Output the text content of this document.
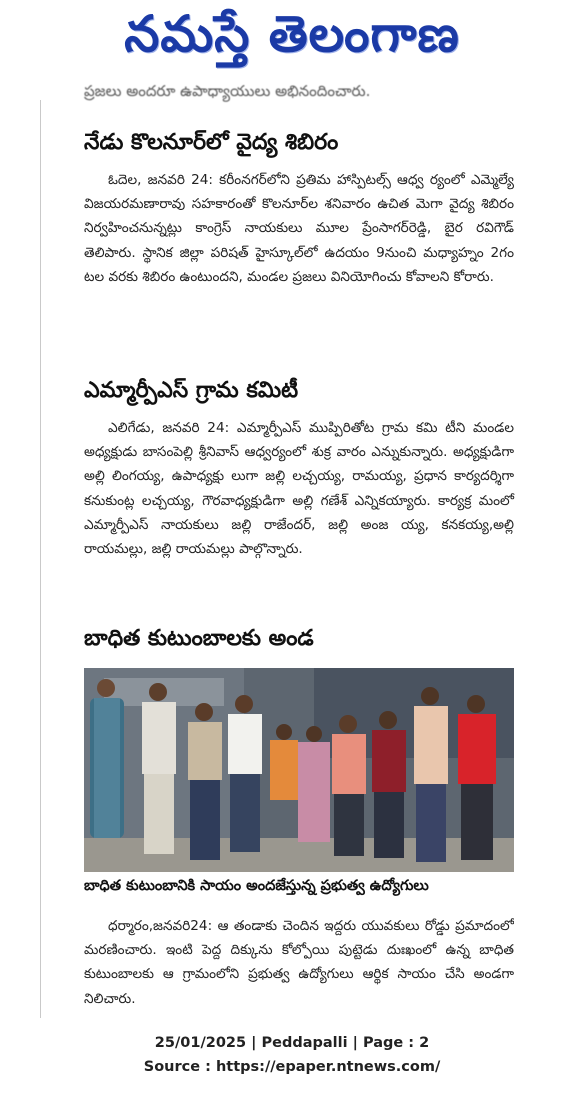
నమస్తే తెలంగాణ
ప్రజలు అందరూ ఉపాధ్యాయులు అభినందించారు.
నేడు కొలనూర్‌లో వైద్య శిబిరం

ఓదెల, జనవరి 24: కరీంనగర్‌లోని ప్రతిమ హాస్పిటల్స్ ఆధ్వ ర్యంలో ఎమ్మెల్యే విజయరమణారావు సహకారంతో కొలనూర్‌ల శనివారం ఉచిత మెగా వైద్య శిబిరం నిర్వహించనున్నట్లు కాంగ్రెస్ నాయకులు మూల ప్రేంసాగర్‌రెడ్డి, బైర రవిగౌడ్ తెలిపారు. స్థానిక జిల్లా పరిషత్ హైస్కూల్‌లో ఉదయం 9నుంచి మధ్యాహ్నం 2గం టల వరకు శిబిరం ఉంటుందని, మండల ప్రజలు వినియోగించు కోవాలని కోరారు.

ఎమ్మార్పీఎస్ గ్రామ కమిటీ

ఎలిగేడు, జనవరి 24: ఎమ్మార్పీఎస్ ముప్పిరితోట గ్రామ కమి టీని మండల అధ్యక్షుడు బాసంపెల్లి శ్రీనివాస్ ఆధ్వర్యంలో శుక్ర వారం ఎన్నుకున్నారు. అధ్యక్షుడిగా అల్లి లింగయ్య, ఉపాధ్యక్షు లుగా జల్లి లచ్చయ్య, రామయ్య, ప్రధాన కార్యదర్శిగా కనుకుంట్ల లచ్చయ్య, గౌరవాధ్యక్షుడిగా అల్లి గణేశ్ ఎన్నికయ్యారు. కార్యక్ర మంలో ఎమ్మార్పీఎస్ నాయకులు జల్లి రాజేందర్, జల్లి అంజ య్య, కనకయ్య,అల్లి రాయమల్లు, జల్లి రాయమల్లు పాల్గొన్నారు.

బాధిత కుటుంబాలకు అండ
బాధిత కుటుంబానికి సాయం అందజేస్తున్న ప్రభుత్వ ఉద్యోగులు

ధర్మారం,జనవరి24: ఆ తండాకు చెందిన ఇద్దరు యువకులు రోడ్డు ప్రమాదంలో మరణించారు. ఇంటి పెద్ద దిక్కును కోల్పోయి పుట్టెడు దుఃఖంలో ఉన్న బాధిత కుటుంబాలకు ఆ గ్రామంలోని ప్రభుత్వ ఉద్యోగులు ఆర్థిక సాయం చేసి అండగా నిలిచారు.

25/01/2025 | Peddapalli | Page : 2
Source : https://epaper.ntnews.com/
